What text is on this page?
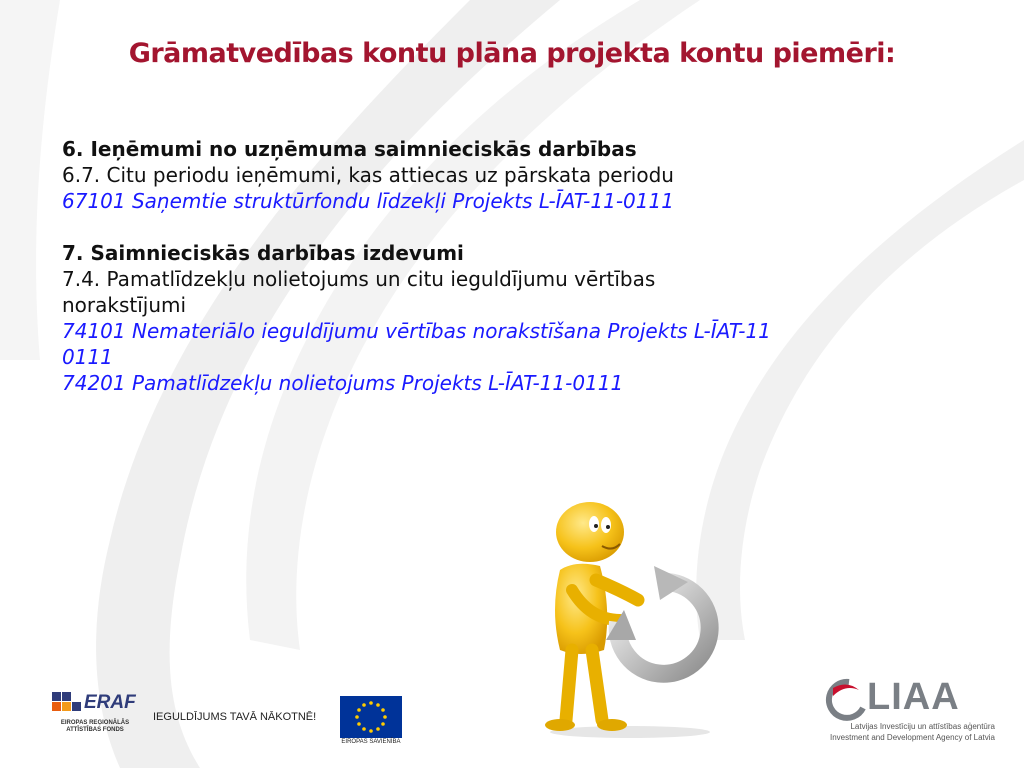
Grāmatvedības kontu plāna projekta kontu piemēri:

6. Ieņēmumi no uzņēmuma saimnieciskās darbības

6.7. Citu periodu ieņēmumi, kas attiecas uz pārskata periodu

67101 Saņemtie struktūrfondu līdzekļi Projekts L-ĪAT-11-0111

7. Saimnieciskās darbības izdevumi

7.4. Pamatlīdzekļu nolietojums un citu ieguldījumu vērtības

norakstījumi

74101 Nemateriālo ieguldījumu vērtības norakstīšana Projekts L-ĪAT-11

0111

74201 Pamatlīdzekļu nolietojums Projekts L-ĪAT-11-0111

ERAF
EIROPAS REĢIONĀLĀS
ATTĪSTĪBAS FONDS
IEGULDĪJUMS TAVĀ NĀKOTNĒ!
EIROPAS SAVIENĪBA
LIAA
Latvijas Investīciju un attīstības aģentūra
Investment and Development Agency of Latvia
